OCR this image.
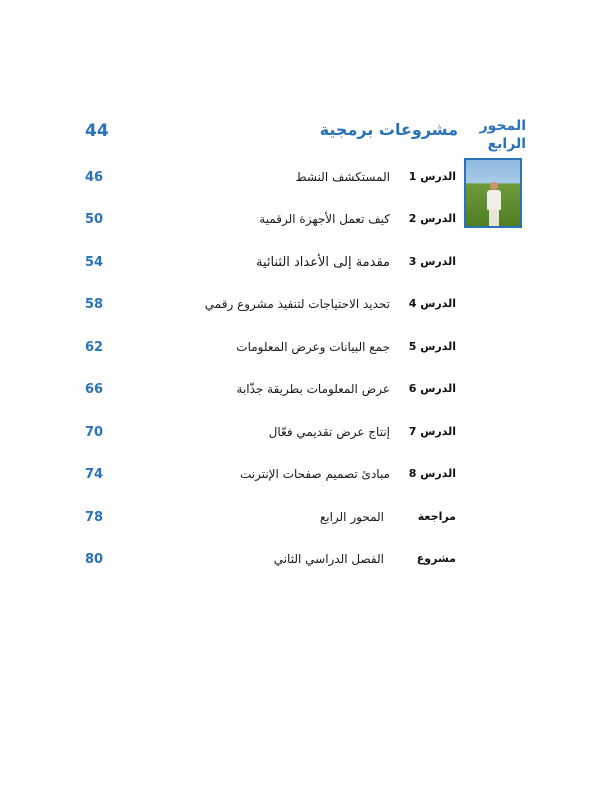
المحور
الرابع
مشروعات برمجية
44
الدرس 1
المستكشف النشط
46
الدرس 2
كيف تعمل الأجهزة الرقمية
50
الدرس 3
مقدمة إلى الأعداد الثنائية
54
الدرس 4
تحديد الاحتياجات لتنفيذ مشروع رقمي
58
الدرس 5
جمع البيانات وعرض المعلومات
62
الدرس 6
عرض المعلومات بطريقة جذّابة
66
الدرس 7
إنتاج عرض تقديمي فعّال
70
الدرس 8
مبادئ تصميم صفحات الإنترنت
74
مراجعة
المحور الرابع
78
مشروع
الفصل الدراسي الثاني
80
